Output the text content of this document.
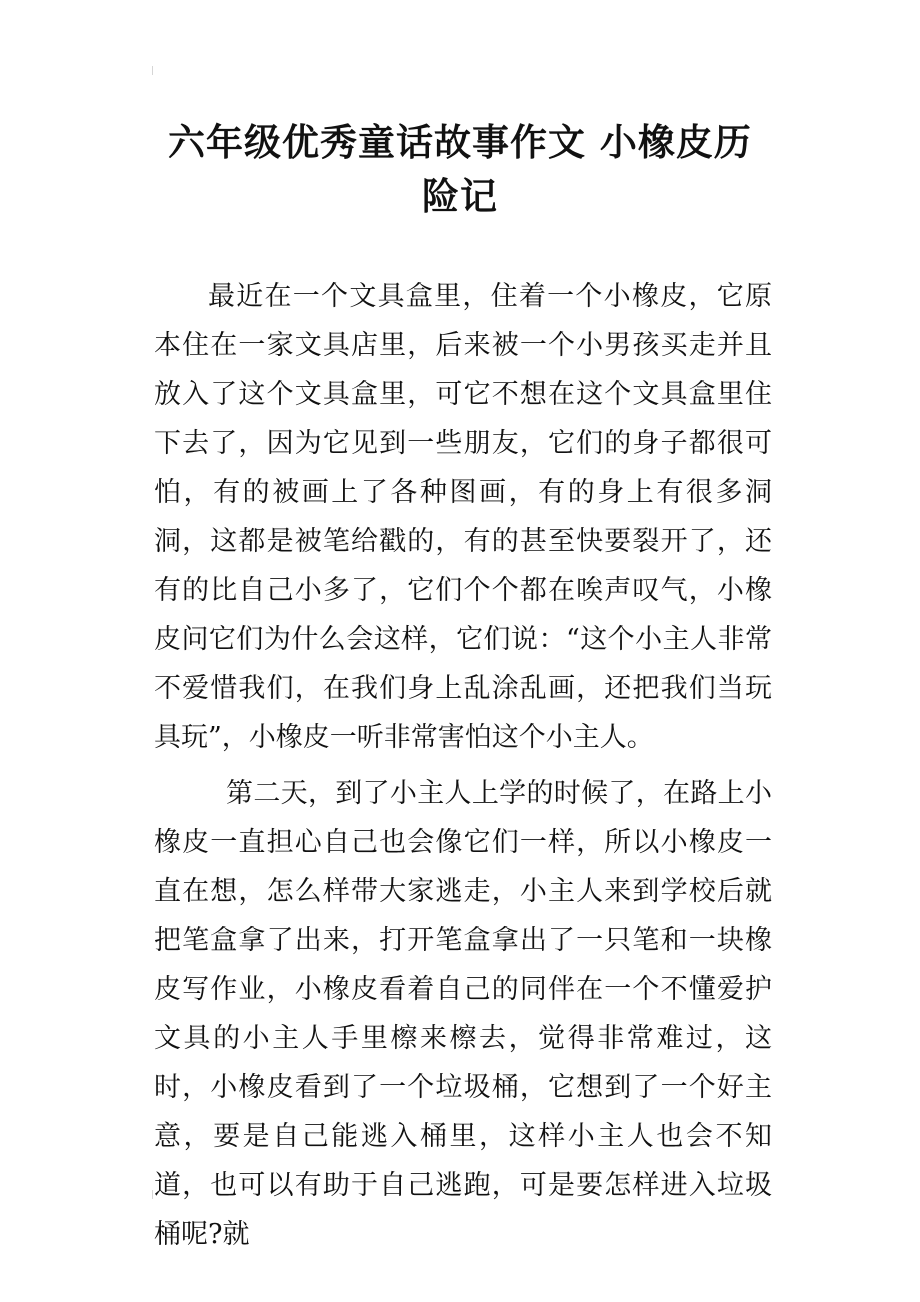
六年级优秀童话故事作文 小橡皮历
险记

最近在一个文具盒里，住着一个小橡皮，它原本住在一家文具店里，后来被一个小男孩买走并且放入了这个文具盒里，可它不想在这个文具盒里住下去了，因为它见到一些朋友，它们的身子都很可怕，有的被画上了各种图画，有的身上有很多洞洞，这都是被笔给戳的，有的甚至快要裂开了，还有的比自己小多了，它们个个都在唉声叹气，小橡皮问它们为什么会这样，它们说：“这个小主人非常不爱惜我们，在我们身上乱涂乱画，还把我们当玩具玩”，小橡皮一听非常害怕这个小主人。

第二天，到了小主人上学的时候了，在路上小橡皮一直担心自己也会像它们一样，所以小橡皮一直在想，怎么样带大家逃走，小主人来到学校后就把笔盒拿了出来，打开笔盒拿出了一只笔和一块橡皮写作业，小橡皮看着自己的同伴在一个不懂爱护文具的小主人手里檫来檫去，觉得非常难过，这时，小橡皮看到了一个垃圾桶，它想到了一个好主意，要是自己能逃入桶里，这样小主人也会不知道，也可以有助于自己逃跑，可是要怎样进入垃圾桶呢?就
